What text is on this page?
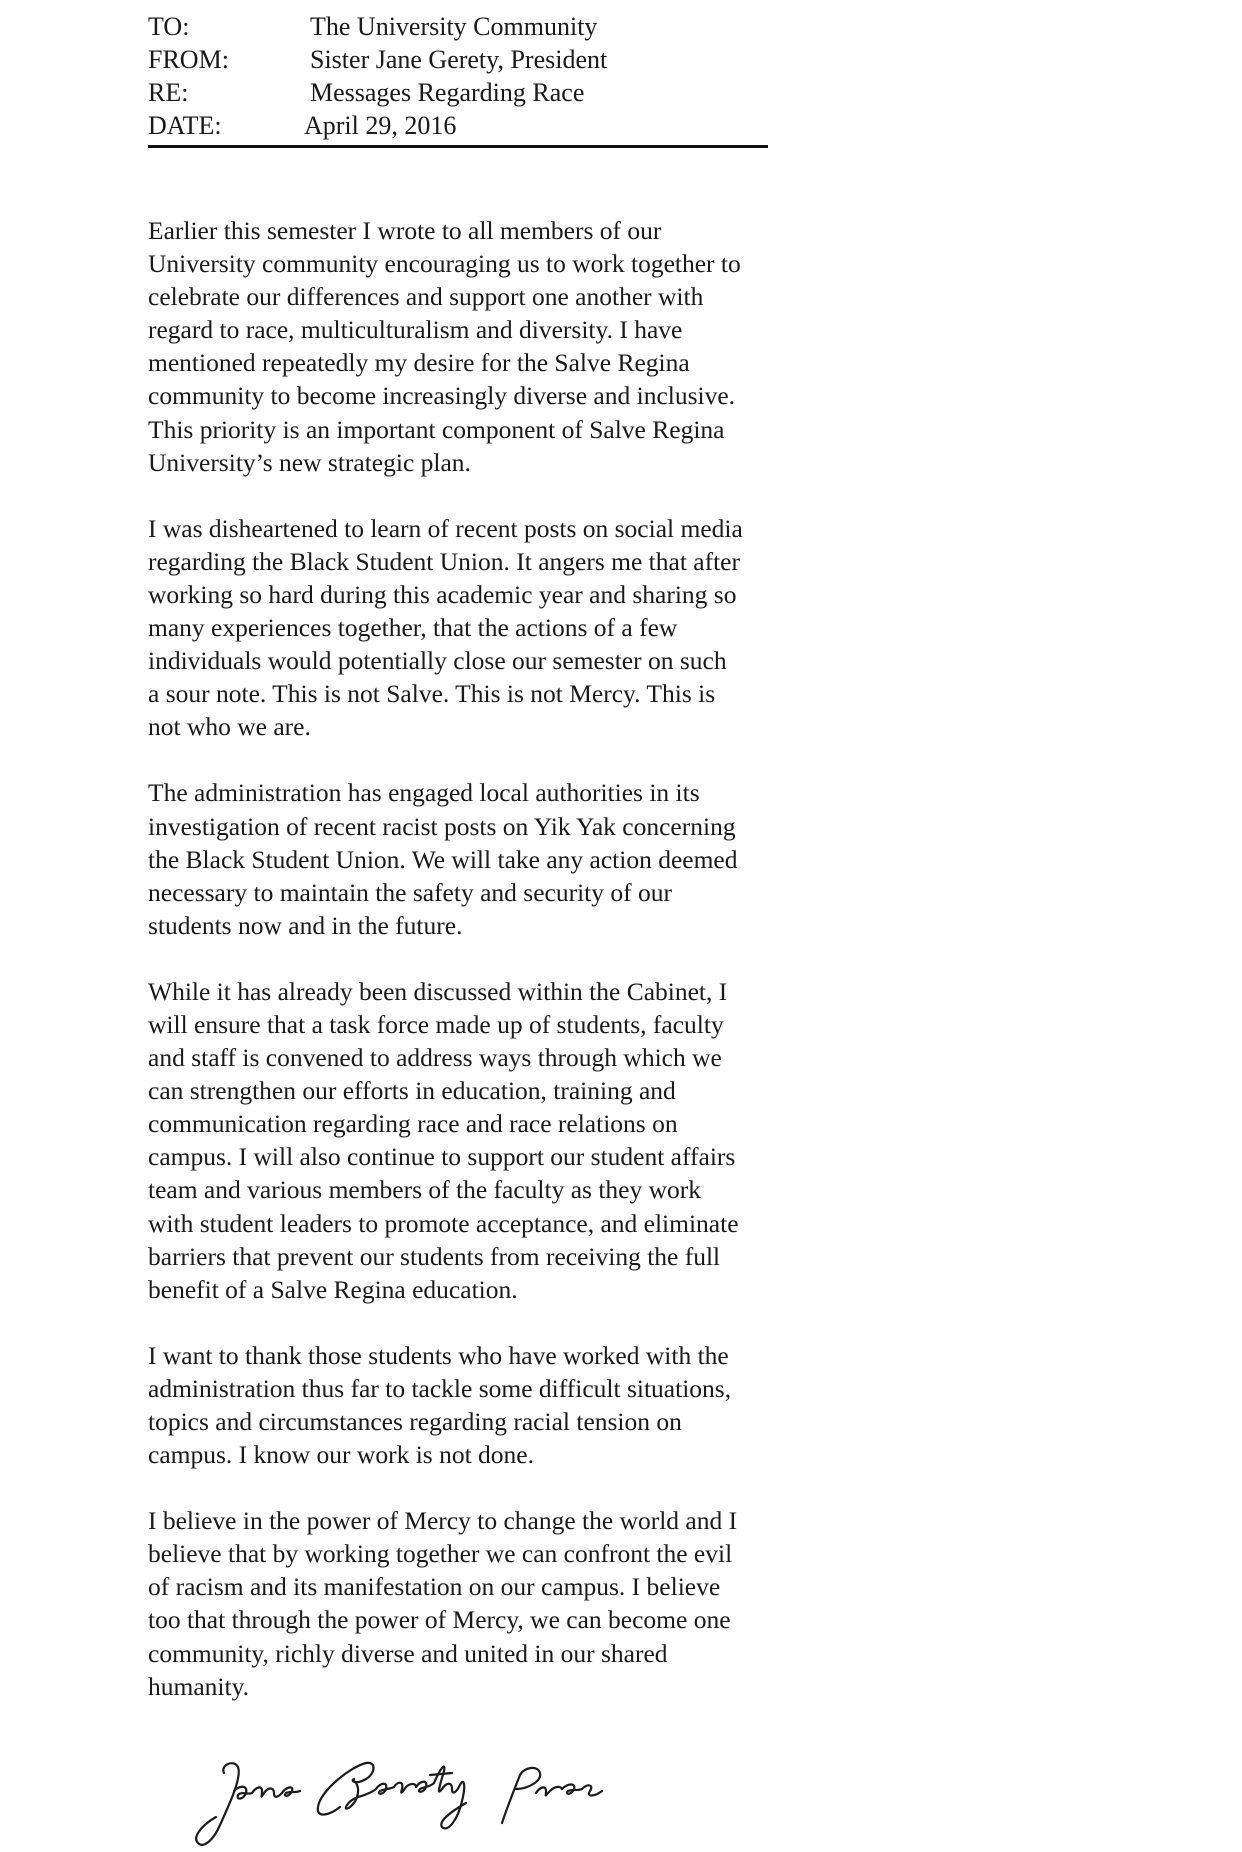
TO:	The University Community
FROM:	Sister Jane Gerety, President
RE:	Messages Regarding Race
DATE:	April 29, 2016

Earlier this semester I wrote to all members of our
University community encouraging us to work together to
celebrate our differences and support one another with
regard to race, multiculturalism and diversity. I have
mentioned repeatedly my desire for the Salve Regina
community to become increasingly diverse and inclusive.
This priority is an important component of Salve Regina
University’s new strategic plan.

I was disheartened to learn of recent posts on social media
regarding the Black Student Union. It angers me that after
working so hard during this academic year and sharing so
many experiences together, that the actions of a few
individuals would potentially close our semester on such
a sour note. This is not Salve. This is not Mercy. This is
not who we are.

The administration has engaged local authorities in its
investigation of recent racist posts on Yik Yak concerning
the Black Student Union. We will take any action deemed
necessary to maintain the safety and security of our
students now and in the future.

While it has already been discussed within the Cabinet, I
will ensure that a task force made up of students, faculty
and staff is convened to address ways through which we
can strengthen our efforts in education, training and
communication regarding race and race relations on
campus. I will also continue to support our student affairs
team and various members of the faculty as they work
with student leaders to promote acceptance, and eliminate
barriers that prevent our students from receiving the full
benefit of a Salve Regina education.

I want to thank those students who have worked with the
administration thus far to tackle some difficult situations,
topics and circumstances regarding racial tension on
campus. I know our work is not done.

I believe in the power of Mercy to change the world and I
believe that by working together we can confront the evil
of racism and its manifestation on our campus. I believe
too that through the power of Mercy, we can become one
community, richly diverse and united in our shared
humanity.
